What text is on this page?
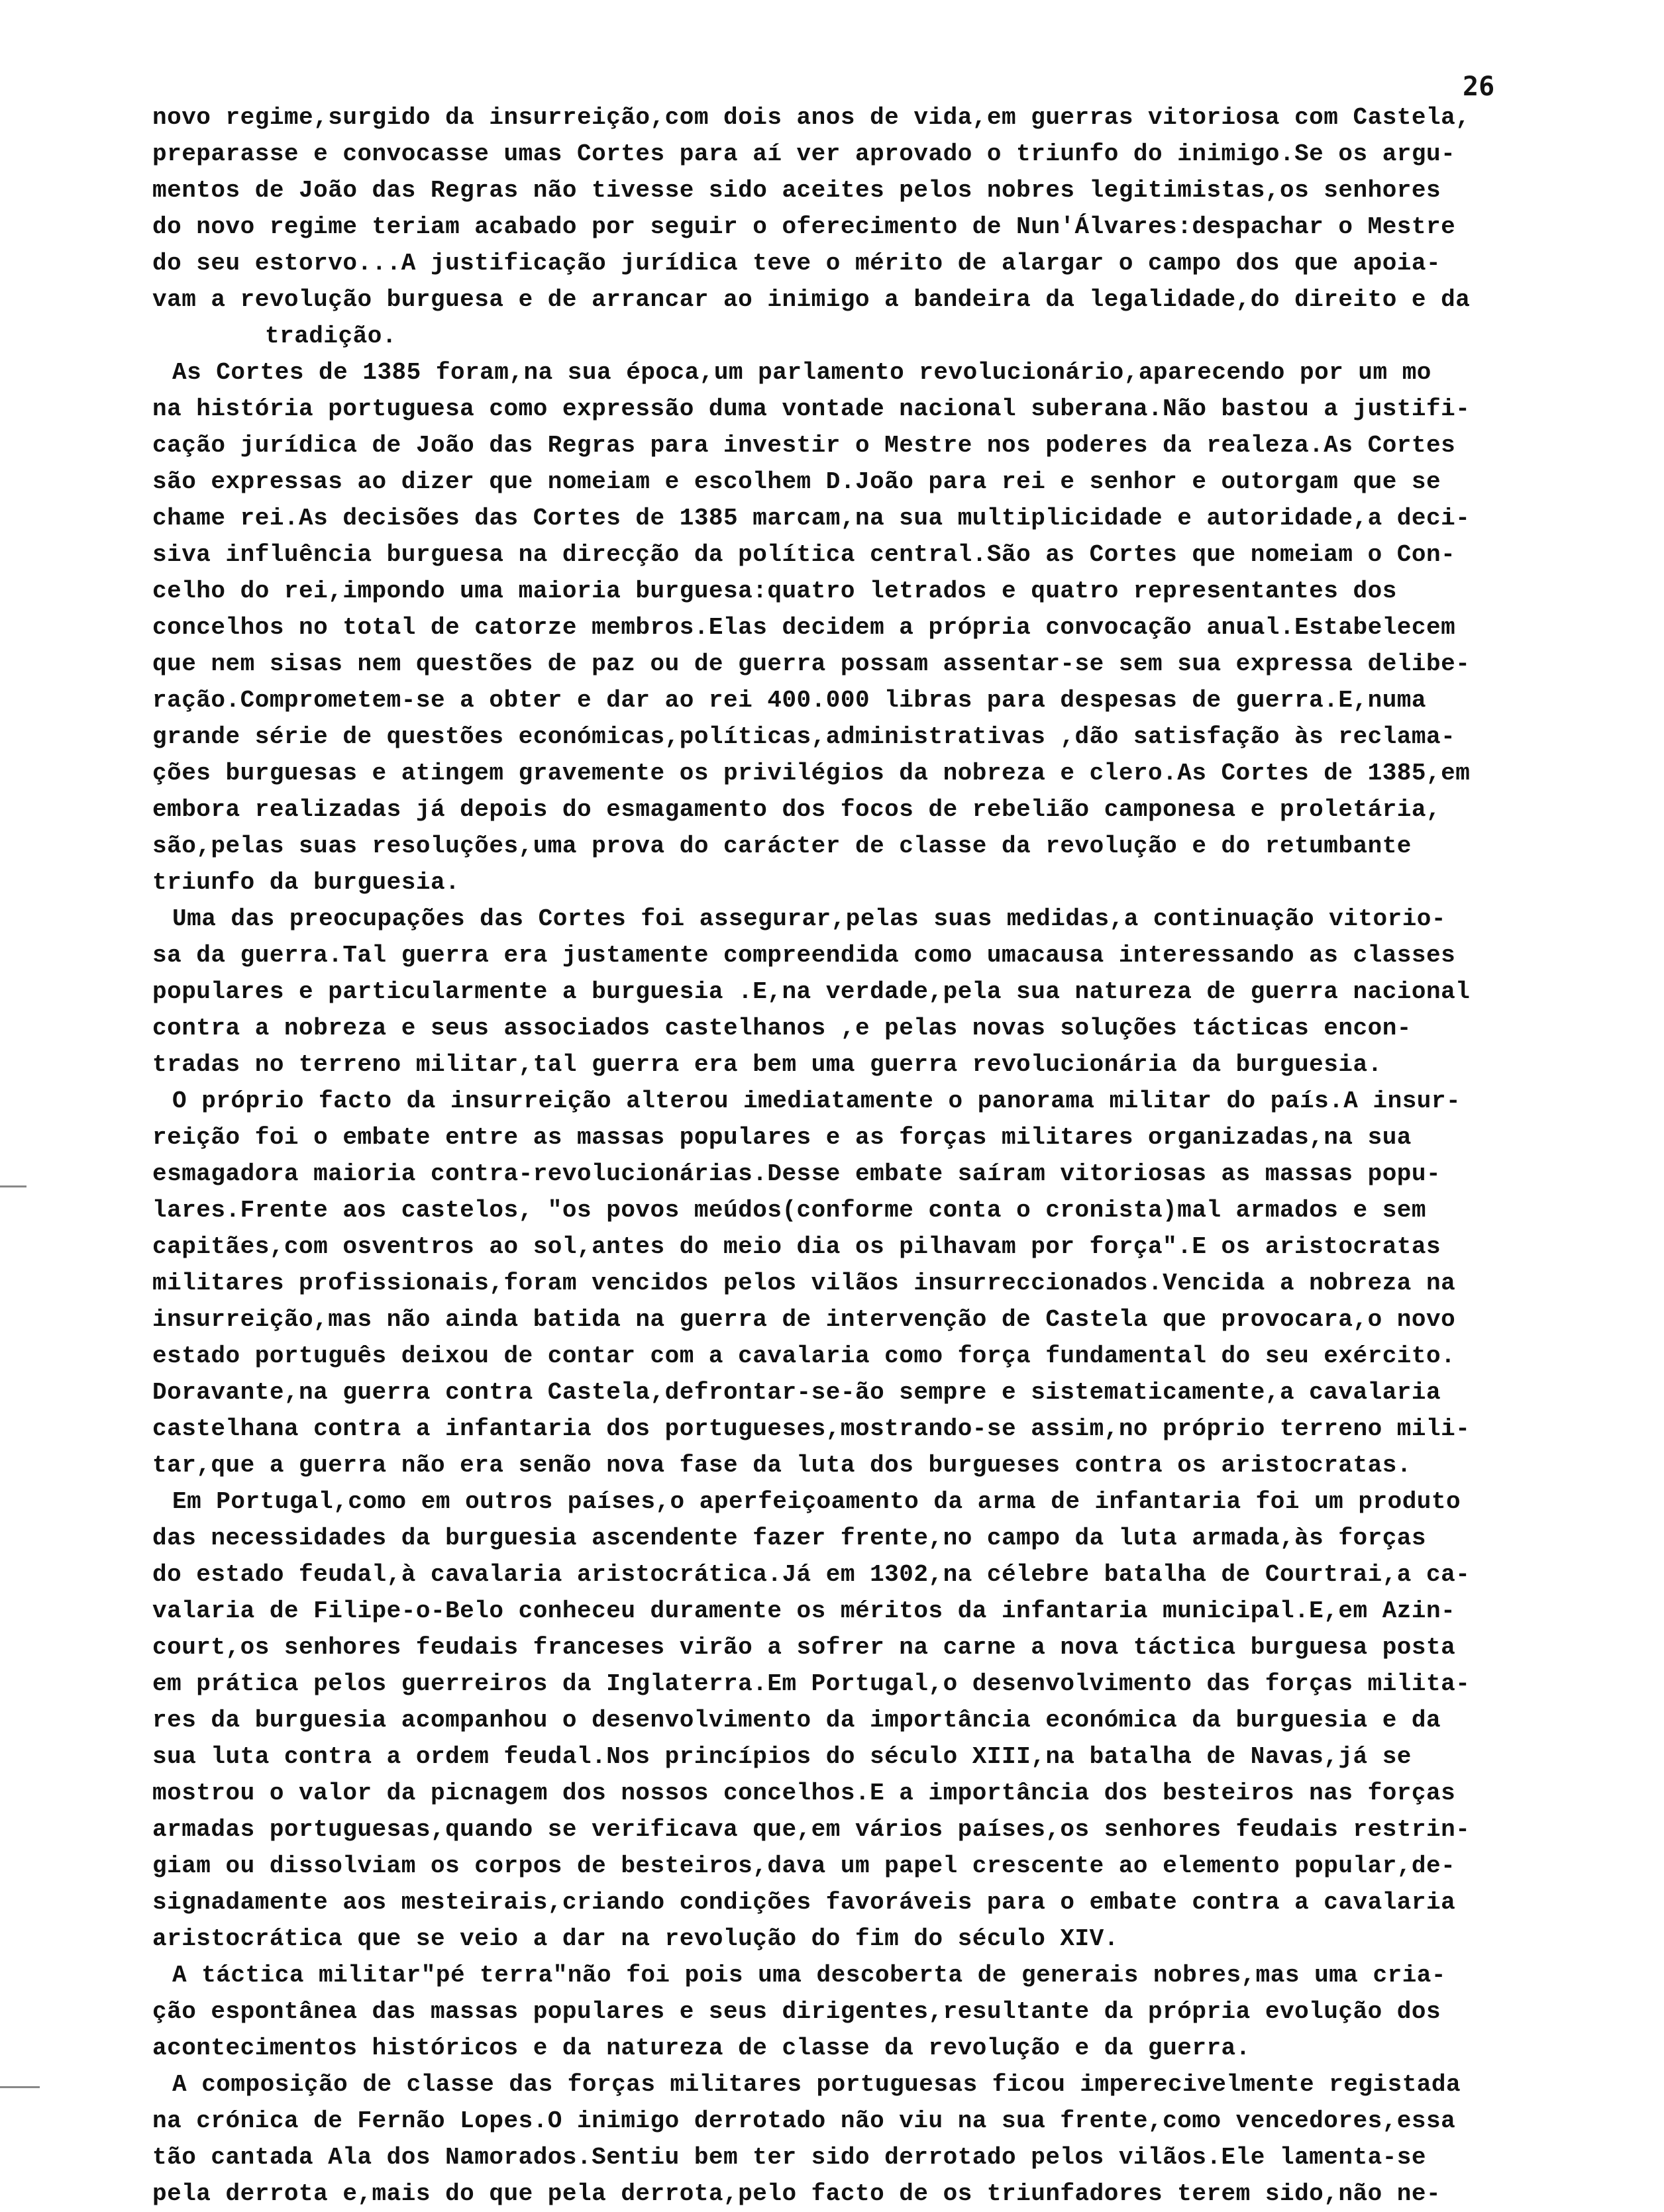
26
novo regime,surgido da insurreição,com dois anos de vida,em guerras vitoriosa com Castela,
preparasse e convocasse umas Cortes para aí ver aprovado o triunfo do inimigo.Se os argu-
mentos de João das Regras não tivesse sido aceites pelos nobres legitimistas,os senhores
do novo regime teriam acabado por seguir o oferecimento de Nun'Álvares:despachar o Mestre
do seu estorvo...A justificação jurídica teve o mérito de alargar o campo dos que apoia-
vam a revolução burguesa e de arrancar ao inimigo a bandeira da legalidade,do direito e da
tradição.
As Cortes de 1385 foram,na sua época,um parlamento revolucionário,aparecendo por um mo
na história portuguesa como expressão duma vontade nacional suberana.Não bastou a justifi-
cação jurídica de João das Regras para investir o Mestre nos poderes da realeza.As Cortes
são expressas ao dizer que nomeiam e escolhem D.João para rei e senhor e outorgam que se
chame rei.As decisões das Cortes de 1385 marcam,na sua multiplicidade e autoridade,a deci-
siva influência burguesa na direcção da política central.São as Cortes que nomeiam o Con-
celho do rei,impondo uma maioria burguesa:quatro letrados e quatro representantes dos
concelhos no total de catorze membros.Elas decidem a própria convocação anual.Estabelecem
que nem sisas nem questões de paz ou de guerra possam assentar-se sem sua expressa delibe-
ração.Comprometem-se a obter e dar ao rei 400.000 libras para despesas de guerra.E,numa
grande série de questões económicas,políticas,administrativas ,dão satisfação às reclama-
ções burguesas e atingem gravemente os privilégios da nobreza e clero.As Cortes de 1385,em
embora realizadas já depois do esmagamento dos focos de rebelião camponesa e proletária,
são,pelas suas resoluções,uma prova do carácter de classe da revolução e do retumbante
triunfo da burguesia.
Uma das preocupações das Cortes foi assegurar,pelas suas medidas,a continuação vitorio-
sa da guerra.Tal guerra era justamente compreendida como umacausa interessando as classes
populares e particularmente a burguesia .E,na verdade,pela sua natureza de guerra nacional
contra a nobreza e seus associados castelhanos ,e pelas novas soluções tácticas encon-
tradas no terreno militar,tal guerra era bem uma guerra revolucionária da burguesia.
O próprio facto da insurreição alterou imediatamente o panorama militar do país.A insur-
reição foi o embate entre as massas populares e as forças militares organizadas,na sua
esmagadora maioria contra-revolucionárias.Desse embate saíram vitoriosas as massas popu-
lares.Frente aos castelos, "os povos meúdos(conforme conta o cronista)mal armados e sem
capitães,com osventros ao sol,antes do meio dia os pilhavam por força".E os aristocratas
militares profissionais,foram vencidos pelos vilãos insurreccionados.Vencida a nobreza na
insurreição,mas não ainda batida na guerra de intervenção de Castela que provocara,o novo
estado português deixou de contar com a cavalaria como força fundamental do seu exército.
Doravante,na guerra contra Castela,defrontar-se-ão sempre e sistematicamente,a cavalaria
castelhana contra a infantaria dos portugueses,mostrando-se assim,no próprio terreno mili-
tar,que a guerra não era senão nova fase da luta dos burgueses contra os aristocratas.
Em Portugal,como em outros países,o aperfeiçoamento da arma de infantaria foi um produto
das necessidades da burguesia ascendente fazer frente,no campo da luta armada,às forças
do estado feudal,à cavalaria aristocrática.Já em 1302,na célebre batalha de Courtrai,a ca-
valaria de Filipe-o-Belo conheceu duramente os méritos da infantaria municipal.E,em Azin-
court,os senhores feudais franceses virão a sofrer na carne a nova táctica burguesa posta
em prática pelos guerreiros da Inglaterra.Em Portugal,o desenvolvimento das forças milita-
res da burguesia acompanhou o desenvolvimento da importância económica da burguesia e da
sua luta contra a ordem feudal.Nos princípios do século XIII,na batalha de Navas,já se
mostrou o valor da picnagem dos nossos concelhos.E a importância dos besteiros nas forças
armadas portuguesas,quando se verificava que,em vários países,os senhores feudais restrin-
giam ou dissolviam os corpos de besteiros,dava um papel crescente ao elemento popular,de-
signadamente aos mesteirais,criando condições favoráveis para o embate contra a cavalaria
aristocrática que se veio a dar na revolução do fim do século XIV.
A táctica militar"pé terra"não foi pois uma descoberta de generais nobres,mas uma cria-
ção espontânea das massas populares e seus dirigentes,resultante da própria evolução dos
acontecimentos históricos e da natureza de classe da revolução e da guerra.
A composição de classe das forças militares portuguesas ficou imperecivelmente registada
na crónica de Fernão Lopes.O inimigo derrotado não viu na sua frente,como vencedores,essa
tão cantada Ala dos Namorados.Sentiu bem ter sido derrotado pelos vilãos.Ele lamenta-se
pela derrota e,mais do que pela derrota,pelo facto de os triunfadores terem sido,não ne-
